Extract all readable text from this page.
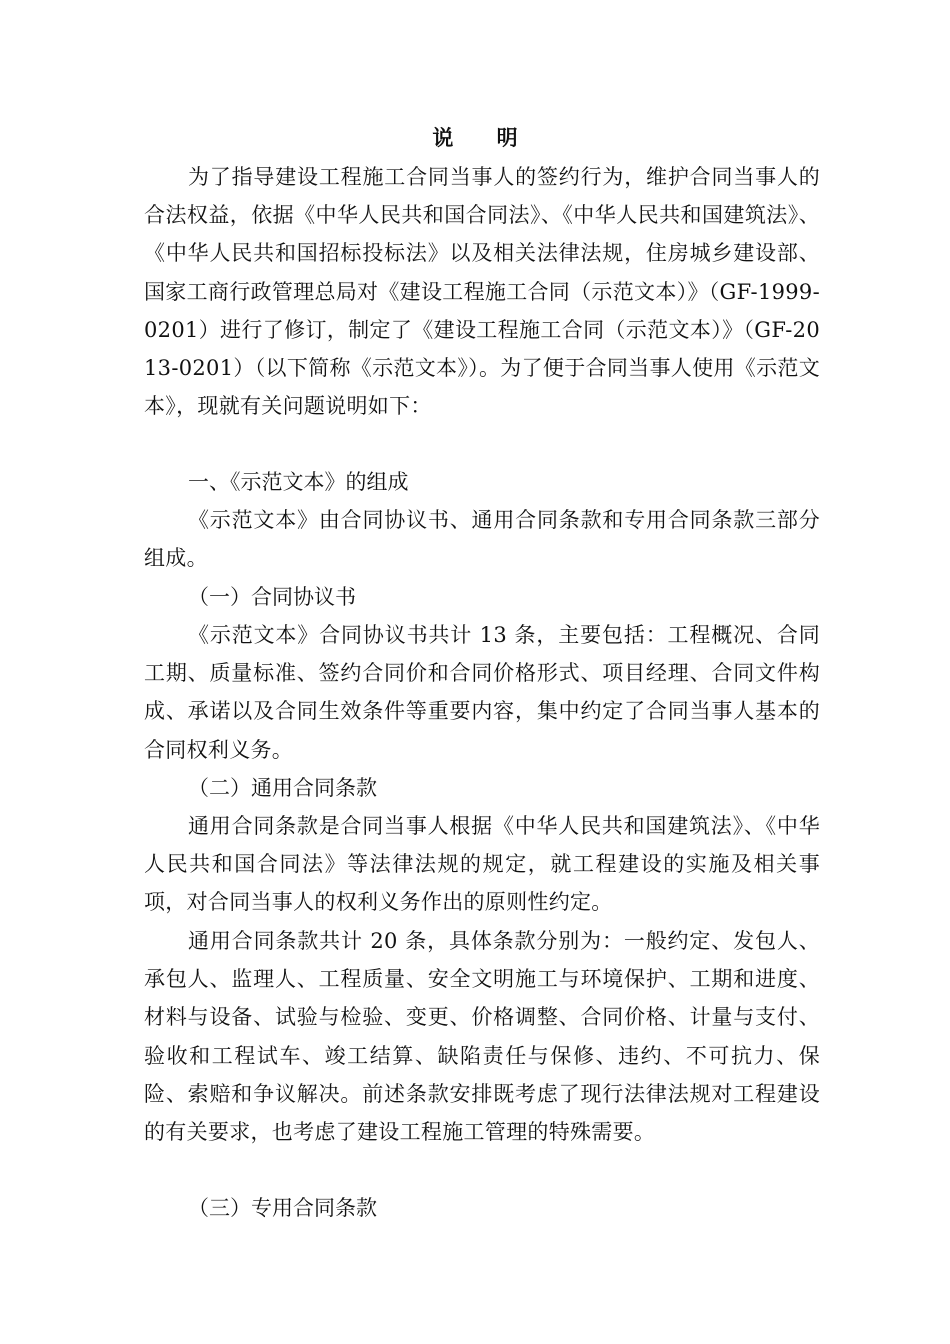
说 明

为了指导建设工程施工合同当事人的签约行为，维护合同当事人的合法权益，依据《中华人民共和国合同法》、《中华人民共和国建筑法》、《中华人民共和国招标投标法》以及相关法律法规，住房城乡建设部、国家工商行政管理总局对《建设工程施工合同（示范文本）》（GF-1999-0201）进行了修订，制定了《建设工程施工合同（示范文本）》（GF-2013-0201）（以下简称《示范文本》）。为了便于合同当事人使用《示范文本》，现就有关问题说明如下：

一、《示范文本》的组成

《示范文本》由合同协议书、通用合同条款和专用合同条款三部分组成。

（一）合同协议书

《示范文本》合同协议书共计 13 条，主要包括：工程概况、合同工期、质量标准、签约合同价和合同价格形式、项目经理、合同文件构成、承诺以及合同生效条件等重要内容，集中约定了合同当事人基本的合同权利义务。

（二）通用合同条款

通用合同条款是合同当事人根据《中华人民共和国建筑法》、《中华人民共和国合同法》等法律法规的规定，就工程建设的实施及相关事项，对合同当事人的权利义务作出的原则性约定。

通用合同条款共计 20 条，具体条款分别为：一般约定、发包人、承包人、监理人、工程质量、安全文明施工与环境保护、工期和进度、材料与设备、试验与检验、变更、价格调整、合同价格、计量与支付、验收和工程试车、竣工结算、缺陷责任与保修、违约、不可抗力、保险、索赔和争议解决。前述条款安排既考虑了现行法律法规对工程建设的有关要求，也考虑了建设工程施工管理的特殊需要。

（三）专用合同条款
